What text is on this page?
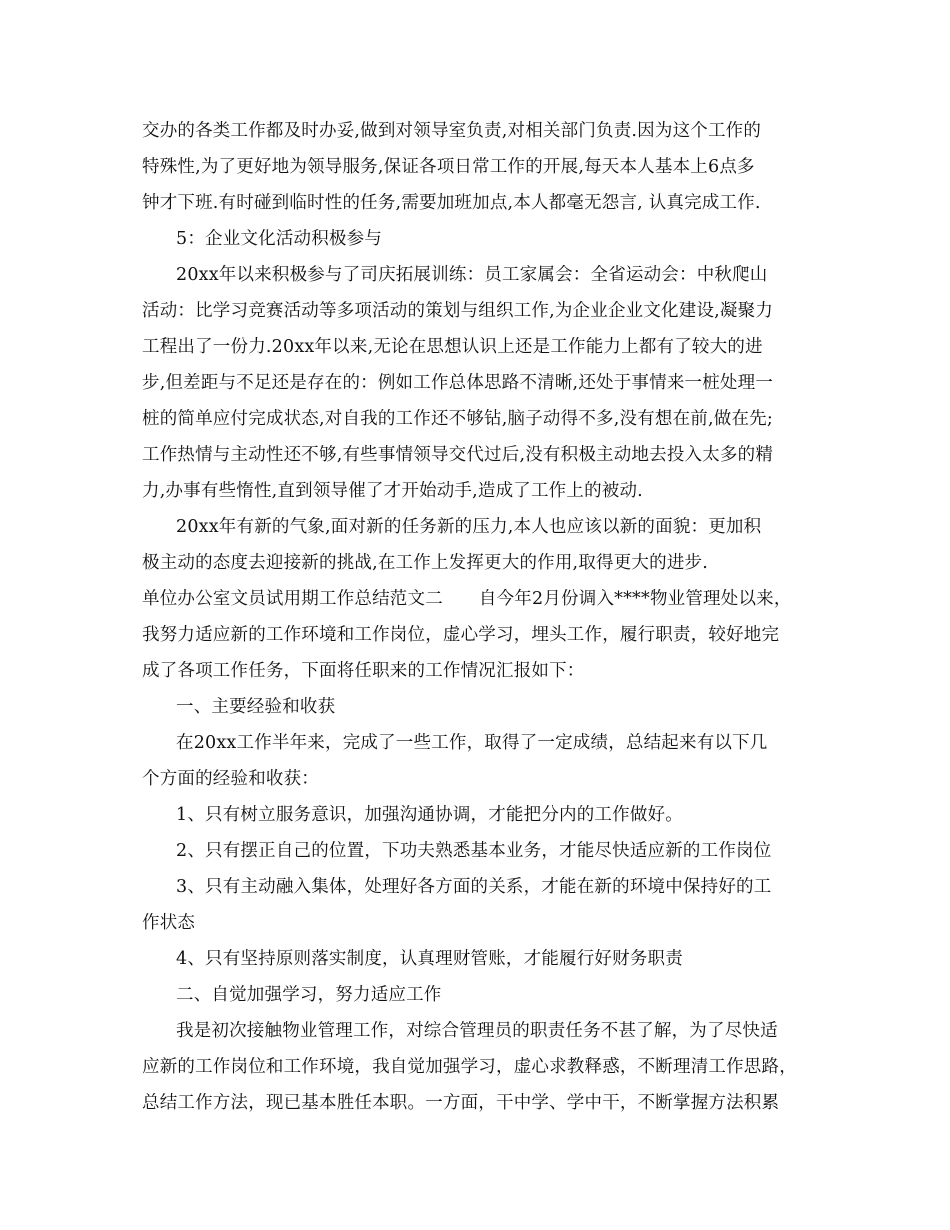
交办的各类工作都及时办妥,做到对领导室负责,对相关部门负责.因为这个工作的
特殊性,为了更好地为领导服务,保证各项日常工作的开展,每天本人基本上6点多
钟才下班.有时碰到临时性的任务,需要加班加点,本人都毫无怨言, 认真完成工作.
5：企业文化活动积极参与
20xx年以来积极参与了司庆拓展训练：员工家属会：全省运动会：中秋爬山
活动：比学习竞赛活动等多项活动的策划与组织工作,为企业企业文化建设,凝聚力
工程出了一份力.20xx年以来,无论在思想认识上还是工作能力上都有了较大的进
步,但差距与不足还是存在的：例如工作总体思路不清晰,还处于事情来一桩处理一
桩的简单应付完成状态,对自我的工作还不够钻,脑子动得不多,没有想在前,做在先;
工作热情与主动性还不够,有些事情领导交代过后,没有积极主动地去投入太多的精
力,办事有些惰性,直到领导催了才开始动手,造成了工作上的被动.
20xx年有新的气象,面对新的任务新的压力,本人也应该以新的面貌：更加积
极主动的态度去迎接新的挑战,在工作上发挥更大的作用,取得更大的进步.
单位办公室文员试用期工作总结范文二 自今年2月份调入****物业管理处以来，
我努力适应新的工作环境和工作岗位，虚心学习，埋头工作，履行职责，较好地完
成了各项工作任务，下面将任职来的工作情况汇报如下：
一、主要经验和收获
在20xx工作半年来，完成了一些工作，取得了一定成绩，总结起来有以下几
个方面的经验和收获：
1、只有树立服务意识，加强沟通协调，才能把分内的工作做好。
2、只有摆正自己的位置，下功夫熟悉基本业务，才能尽快适应新的工作岗位
3、只有主动融入集体，处理好各方面的关系，才能在新的环境中保持好的工
作状态
4、只有坚持原则落实制度，认真理财管账，才能履行好财务职责
二、自觉加强学习，努力适应工作
我是初次接触物业管理工作，对综合管理员的职责任务不甚了解，为了尽快适
应新的工作岗位和工作环境，我自觉加强学习，虚心求教释惑，不断理清工作思路，
总结工作方法，现已基本胜任本职。一方面，干中学、学中干，不断掌握方法积累
